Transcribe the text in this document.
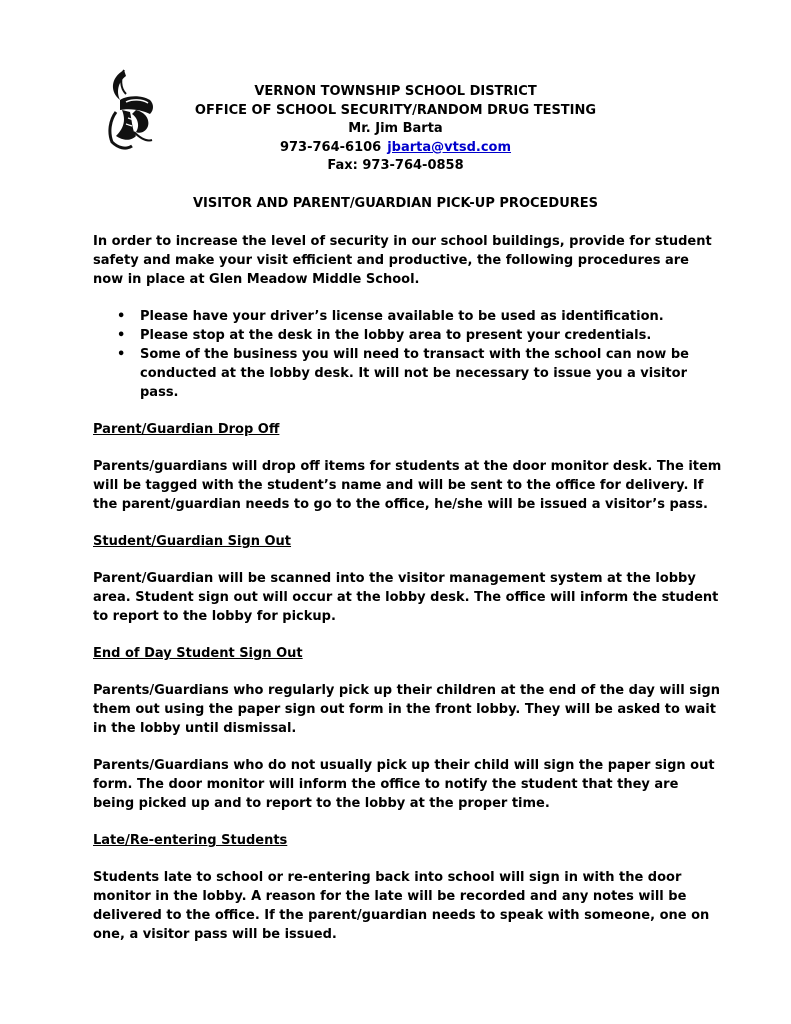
VERNON TOWNSHIP SCHOOL DISTRICT
OFFICE OF SCHOOL SECURITY/RANDOM DRUG TESTING
Mr. Jim Barta
973-764-6106 jbarta@vtsd.com
Fax: 973-764-0858
VISITOR AND PARENT/GUARDIAN PICK-UP PROCEDURES

In order to increase the level of security in our school buildings, provide for student safety and make your visit efficient and productive, the following procedures are now in place at Glen Meadow Middle School.

• Please have your driver’s license available to be used as identification.
• Please stop at the desk in the lobby area to present your credentials.
• Some of the business you will need to transact with the school can now be conducted at the lobby desk. It will not be necessary to issue you a visitor pass.
Parent/Guardian Drop Off

Parents/guardians will drop off items for students at the door monitor desk. The item will be tagged with the student’s name and will be sent to the office for delivery. If the parent/guardian needs to go to the office, he/she will be issued a visitor’s pass.

Student/Guardian Sign Out

Parent/Guardian will be scanned into the visitor management system at the lobby area. Student sign out will occur at the lobby desk. The office will inform the student to report to the lobby for pickup.

End of Day Student Sign Out

Parents/Guardians who regularly pick up their children at the end of the day will sign them out using the paper sign out form in the front lobby. They will be asked to wait in the lobby until dismissal.

Parents/Guardians who do not usually pick up their child will sign the paper sign out form. The door monitor will inform the office to notify the student that they are being picked up and to report to the lobby at the proper time.

Late/Re-entering Students

Students late to school or re-entering back into school will sign in with the door monitor in the lobby. A reason for the late will be recorded and any notes will be delivered to the office. If the parent/guardian needs to speak with someone, one on one, a visitor pass will be issued.
